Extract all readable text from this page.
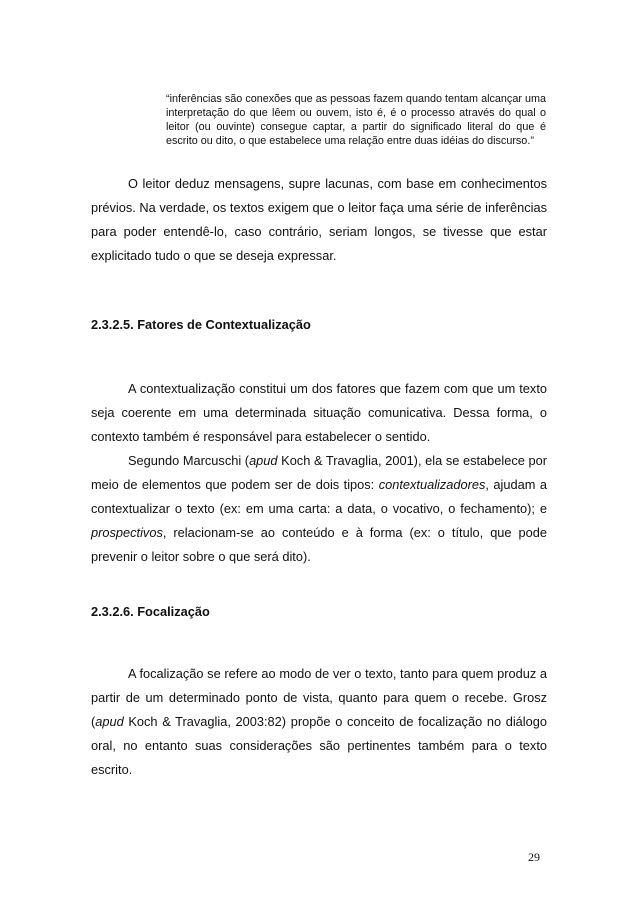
“inferências são conexões que as pessoas fazem quando tentam alcançar uma interpretação do que lêem ou ouvem, isto é, é o processo através do qual o leitor (ou ouvinte) consegue captar, a partir do significado literal do que é escrito ou dito, o que estabelece uma relação entre duas idéias do discurso.”

O leitor deduz mensagens, supre lacunas, com base em conhecimentos prévios. Na verdade, os textos exigem que o leitor faça uma série de inferências para poder entendê-lo, caso contrário, seriam longos, se tivesse que estar explicitado tudo o que se deseja expressar.

2.3.2.5. Fatores de Contextualização

A contextualização constitui um dos fatores que fazem com que um texto seja coerente em uma determinada situação comunicativa. Dessa forma, o contexto também é responsável para estabelecer o sentido.

Segundo Marcuschi (apud Koch & Travaglia, 2001), ela se estabelece por meio de elementos que podem ser de dois tipos: contextualizadores, ajudam a contextualizar o texto (ex: em uma carta: a data, o vocativo, o fechamento); e prospectivos, relacionam-se ao conteúdo e à forma (ex: o título, que pode prevenir o leitor sobre o que será dito).

2.3.2.6. Focalização

A focalização se refere ao modo de ver o texto, tanto para quem produz a partir de um determinado ponto de vista, quanto para quem o recebe. Grosz (apud Koch & Travaglia, 2003:82) propõe o conceito de focalização no diálogo oral, no entanto suas considerações são pertinentes também para o texto escrito.

29
